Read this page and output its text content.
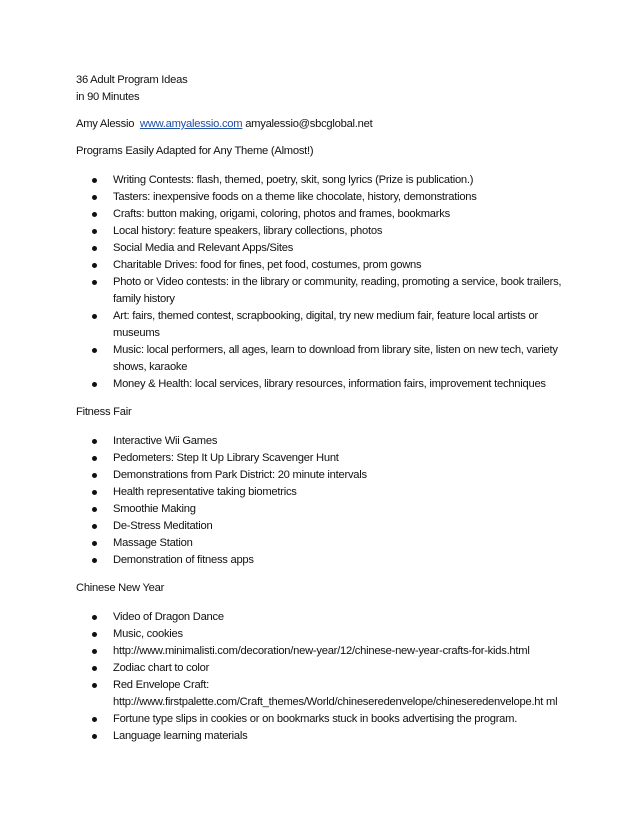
36 Adult Program Ideas

in 90 Minutes

Amy Alessio www.amyalessio.com amyalessio@sbcglobal.net

Programs Easily Adapted for Any Theme (Almost!)

Writing Contests: flash, themed, poetry, skit, song lyrics (Prize is publication.)
Tasters: inexpensive foods on a theme like chocolate, history, demonstrations
Crafts: button making, origami, coloring, photos and frames, bookmarks
Local history: feature speakers, library collections, photos
Social Media and Relevant Apps/Sites
Charitable Drives: food for fines, pet food, costumes, prom gowns
Photo or Video contests: in the library or community, reading, promoting a service, book trailers, family history
Art: fairs, themed contest, scrapbooking, digital, try new medium fair, feature local artists or museums
Music: local performers, all ages, learn to download from library site, listen on new tech, variety shows, karaoke
Money & Health: local services, library resources, information fairs, improvement techniques

Fitness Fair

Interactive Wii Games
Pedometers: Step It Up Library Scavenger Hunt
Demonstrations from Park District: 20 minute intervals
Health representative taking biometrics
Smoothie Making
De-Stress Meditation
Massage Station
Demonstration of fitness apps

Chinese New Year

Video of Dragon Dance
Music, cookies
http://www.minimalisti.com/decoration/new-year/12/chinese-new-year-crafts-for-kids.html
Zodiac chart to color
Red Envelope Craft: http://www.firstpalette.com/Craft_themes/World/chineseredenvelope/chineseredenvelope.ht ml
Fortune type slips in cookies or on bookmarks stuck in books advertising the program.
Language learning materials
